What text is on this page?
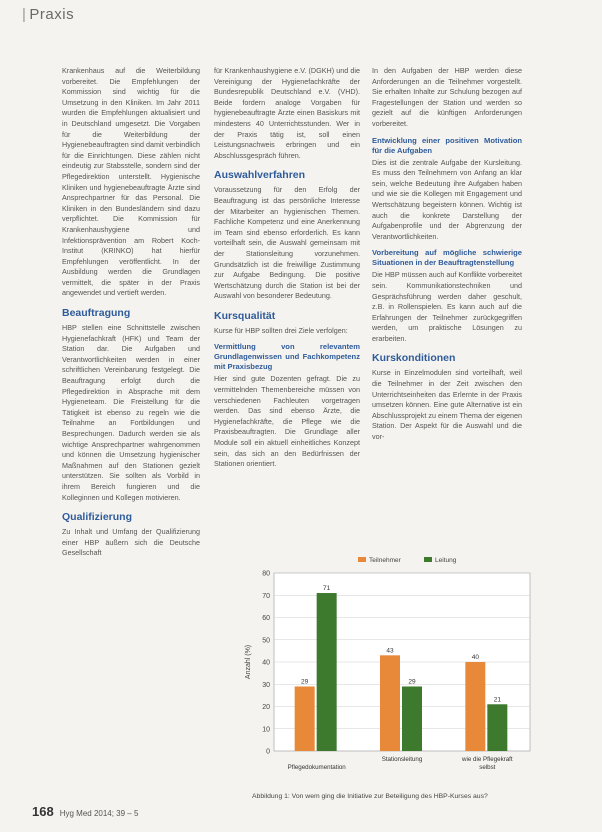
| Praxis

Krankenhaus auf die Weiterbildung vorbereitet. Die Empfehlungen der Kommission sind wichtig für die Umsetzung in den Kliniken. Im Jahr 2011 wurden die Empfehlungen aktualisiert und in Deutschland umgesetzt. Die Vorgaben für die Weiterbildung der Hygienebeauftragten sind damit verbindlich für die Einrichtungen. Diese zählen nicht eindeutig zur Stabsstelle, sondern sind der Pflegedirektion unterstellt. Hygienische Kliniken und hygienebeauftragte Ärzte sind Ansprechpartner für das Personal. Die Kliniken in den Bundesländern sind dazu verpflichtet. Die Kommission für Krankenhaushygiene und Infektionsprävention am Robert Koch-Institut (KRINKO) hat hierfür Empfehlungen veröffentlicht. In der Ausbildung werden die Grundlagen vermittelt, die später in der Praxis angewendet und vertieft werden.

Beauftragung

HBP stellen eine Schnittstelle zwischen Hygienefachkraft (HFK) und Team der Station dar. Die Aufgaben und Verantwortlichkeiten werden in einer schriftlichen Vereinbarung festgelegt. Die Beauftragung erfolgt durch die Pflegedirektion in Absprache mit dem Hygieneteam. Die Freistellung für die Tätigkeit ist ebenso zu regeln wie die Teilnahme an Fortbildungen und Besprechungen. Dadurch werden sie als wichtige Ansprechpartner wahrgenommen und können die Umsetzung hygienischer Maßnahmen auf den Stationen gezielt unterstützen. Sie sollten als Vorbild in ihrem Bereich fungieren und die Kolleginnen und Kollegen motivieren.

Qualifizierung

Zu Inhalt und Umfang der Qualifizierung einer HBP äußern sich die Deutsche Gesellschaft

für Krankenhaushygiene e.V. (DGKH) und die Vereinigung der Hygienefachkräfte der Bundesrepublik Deutschland e.V. (VHD). Beide fordern analoge Vorgaben für hygienebeauftragte Ärzte einen Basiskurs mit mindestens 40 Unterrichtsstunden. Wer in der Praxis tätig ist, soll einen Leistungsnachweis erbringen und ein Abschlussgespräch führen.

Auswahlverfahren

Voraussetzung für den Erfolg der Beauftragung ist das persönliche Interesse der Mitarbeiter an hygienischen Themen. Fachliche Kompetenz und eine Anerkennung im Team sind ebenso erforderlich. Es kann vorteilhaft sein, die Auswahl gemeinsam mit der Stationsleitung vorzunehmen. Grundsätzlich ist die freiwillige Zustimmung zur Aufgabe Bedingung. Die positive Wertschätzung durch die Station ist bei der Auswahl von besonderer Bedeutung.

Kursqualität

Kurse für HBP sollten drei Ziele verfolgen:

Vermittlung von relevantem Grundlagenwissen und Fachkompetenz mit Praxisbezug

Hier sind gute Dozenten gefragt. Die zu vermittelnden Themenbereiche müssen von verschiedenen Fachleuten vorgetragen werden. Das sind ebenso Ärzte, die Hygienefachkräfte, die Pflege wie die Praxisbeauftragten. Die Grundlage aller Module soll ein aktuell einheitliches Konzept sein, das sich an den Bedürfnissen der Stationen orientiert.

In den Aufgaben der HBP werden diese Anforderungen an die Teilnehmer vorgestellt. Sie erhalten Inhalte zur Schulung bezogen auf Fragestellungen der Station und werden so gezielt auf die künftigen Anforderungen vorbereitet.

Entwicklung einer positiven Motivation für die Aufgaben

Dies ist die zentrale Aufgabe der Kursleitung. Es muss den Teilnehmern von Anfang an klar sein, welche Bedeutung ihre Aufgaben haben und wie sie die Kollegen mit Engagement und Wertschätzung begeistern können. Wichtig ist auch die konkrete Darstellung der Aufgabenprofile und der Abgrenzung der Verantwortlichkeiten.

Vorbereitung auf mögliche schwierige Situationen in der Beauftragtenstellung

Die HBP müssen auch auf Konflikte vorbereitet sein. Kommunikationstechniken und Gesprächsführung werden daher geschult, z.B. in Rollenspielen. Es kann auch auf die Erfahrungen der Teilnehmer zurückgegriffen werden, um praktische Lösungen zu erarbeiten.

Kurskonditionen

Kurse in Einzelmodulen sind vorteilhaft, weil die Teilnehmer in der Zeit zwischen den Unterrichtseinheiten das Erlernte in der Praxis umsetzen können. Eine gute Alternative ist ein Abschlussprojekt zu einem Thema der eigenen Station. Der Aspekt für die Auswahl und die vor-

0
10
20
30
40
50
60
70
80
Anzahl (%)
Teilnehmer	Leitung
29
71
Pflegedokumentation
43
29
Stationsleitung
40
21
wie die Pflegekraft
selbst
Abbildung 1: Von wem ging die Initiative zur Beteiligung des HBP-Kurses aus?
168 Hyg Med 2014; 39 – 5
